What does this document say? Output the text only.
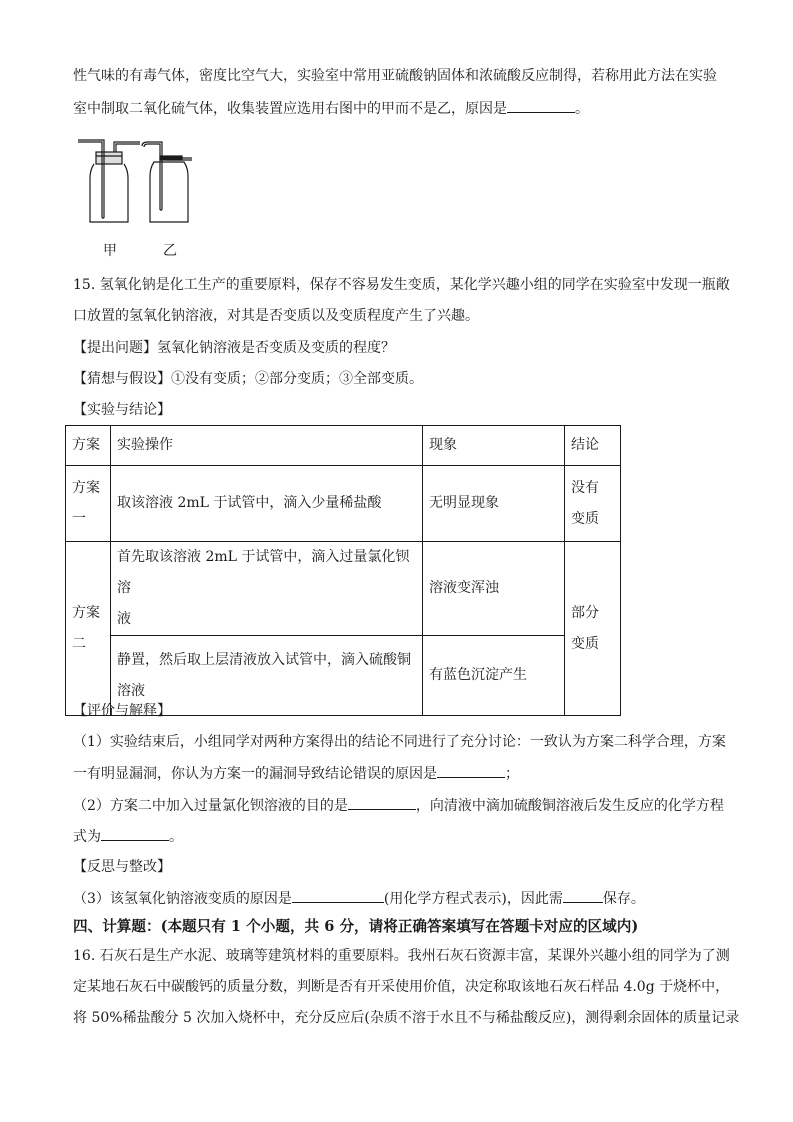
性气味的有毒气体，密度比空气大，实验室中常用亚硫酸钠固体和浓硫酸反应制得，若称用此方法在实验
室中制取二氧化硫气体，收集装置应选用右图中的甲而不是乙，原因是	。
甲	乙
15. 氢氧化钠是化工生产的重要原料，保存不容易发生变质，某化学兴趣小组的同学在实验室中发现一瓶敞
口放置的氢氧化钠溶液，对其是否变质以及变质程度产生了兴趣。
【提出问题】氢氧化钠溶液是否变质及变质的程度？
【猜想与假设】①没有变质；②部分变质；③全部变质。
【实验与结论】
方案	实验操作	现象	结论
方案
一	取该溶液 2mL 于试管中，滴入少量稀盐酸	无明显现象	没有
变质
方案
二	首先取该溶液 2mL 于试管中，滴入过量氯化钡溶
液	溶液变浑浊	部分
变质
	静置，然后取上层清液放入试管中，滴入硫酸铜
溶液	有蓝色沉淀产生	
【评价与解释】
（1）实验结束后，小组同学对两种方案得出的结论不同进行了充分讨论：一致认为方案二科学合理，方案
一有明显漏洞，你认为方案一的漏洞导致结论错误的原因是	；
（2）方案二中加入过量氯化钡溶液的目的是	，向清液中滴加硫酸铜溶液后发生反应的化学方程
式为	。
【反思与整改】
（3）该氢氧化钠溶液变质的原因是	(用化学方程式表示)，因此需	保存。
四、计算题：(本题只有 1 个小题，共 6 分，请将正确答案填写在答题卡对应的区域内)
16. 石灰石是生产水泥、玻璃等建筑材料的重要原料。我州石灰石资源丰富，某课外兴趣小组的同学为了测
定某地石灰石中碳酸钙的质量分数，判断是否有开采使用价值，决定称取该地石灰石样品 4.0g 于烧杯中，
将 50%稀盐酸分 5 次加入烧杯中，充分反应后(杂质不溶于水且不与稀盐酸反应)，测得剩余固体的质量记录
